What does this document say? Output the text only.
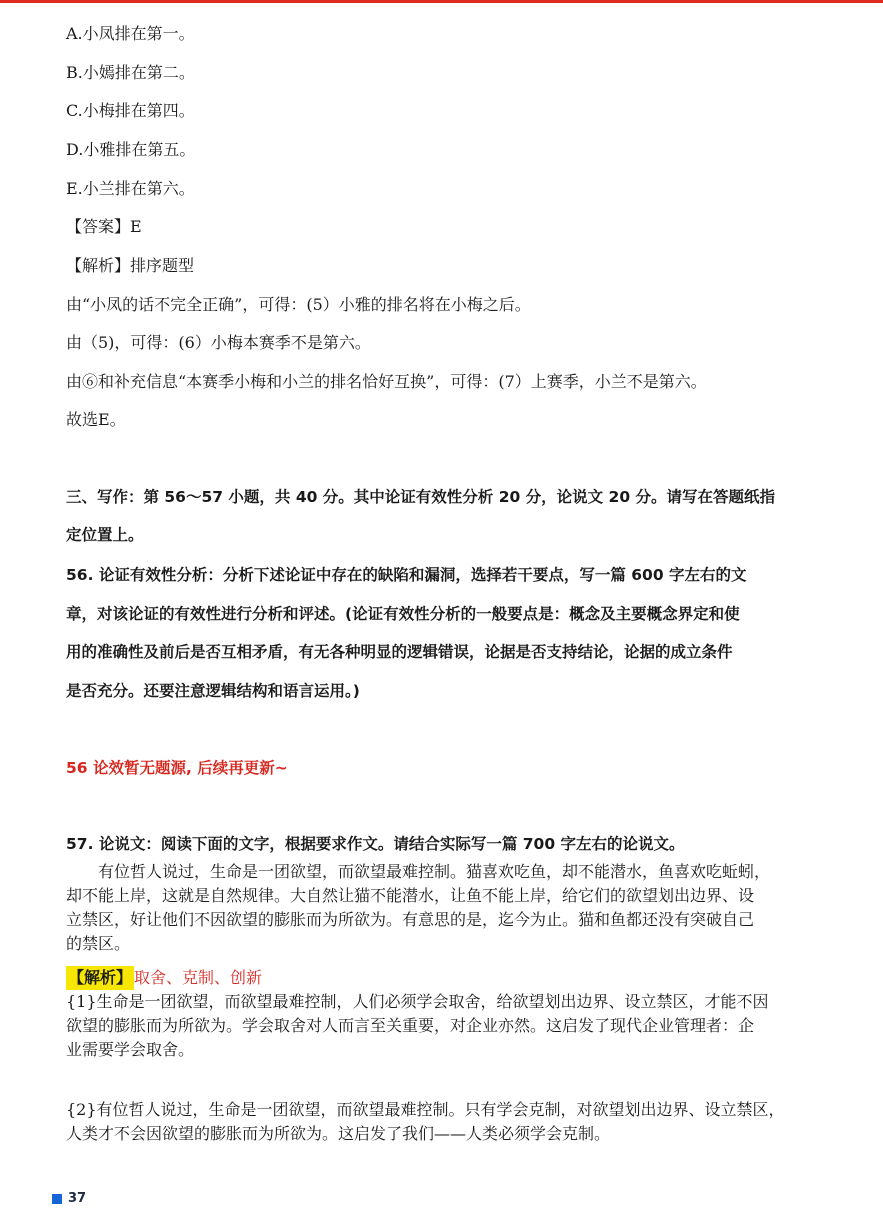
A.小凤排在第一。
B.小嫣排在第二。
C.小梅排在第四。
D.小雅排在第五。
E.小兰排在第六。
【答案】E
【解析】排序题型
由“小凤的话不完全正确”，可得：(5）小雅的排名将在小梅之后。
由（5)，可得：(6）小梅本赛季不是第六。
由⑥和补充信息“本赛季小梅和小兰的排名恰好互换”，可得：(7）上赛季，小兰不是第六。
故选E。
三、写作：第 56～57 小题，共 40 分。其中论证有效性分析 20 分，论说文 20 分。请写在答题纸指
定位置上。
56. 论证有效性分析：分析下述论证中存在的缺陷和漏洞，选择若干要点，写一篇 600 字左右的文
章，对该论证的有效性进行分析和评述。(论证有效性分析的一般要点是：概念及主要概念界定和使
用的准确性及前后是否互相矛盾，有无各种明显的逻辑错误，论据是否支持结论，论据的成立条件
是否充分。还要注意逻辑结构和语言运用。)
56 论效暂无题源, 后续再更新~
57. 论说文：阅读下面的文字，根据要求作文。请结合实际写一篇 700 字左右的论说文。
有位哲人说过，生命是一团欲望，而欲望最难控制。猫喜欢吃鱼，却不能潜水，鱼喜欢吃蚯蚓，
却不能上岸，这就是自然规律。大自然让猫不能潜水，让鱼不能上岸，给它们的欲望划出边界、设
立禁区，好让他们不因欲望的膨胀而为所欲为。有意思的是，迄今为止。猫和鱼都还没有突破自己
的禁区。
【解析】 取舍、克制、创新
{1}生命是一团欲望，而欲望最难控制，人们必须学会取舍，给欲望划出边界、设立禁区，才能不因
欲望的膨胀而为所欲为。学会取舍对人而言至关重要，对企业亦然。这启发了现代企业管理者：企
业需要学会取舍。
{2}有位哲人说过，生命是一团欲望，而欲望最难控制。只有学会克制，对欲望划出边界、设立禁区，
人类才不会因欲望的膨胀而为所欲为。这启发了我们——人类必须学会克制。
37
